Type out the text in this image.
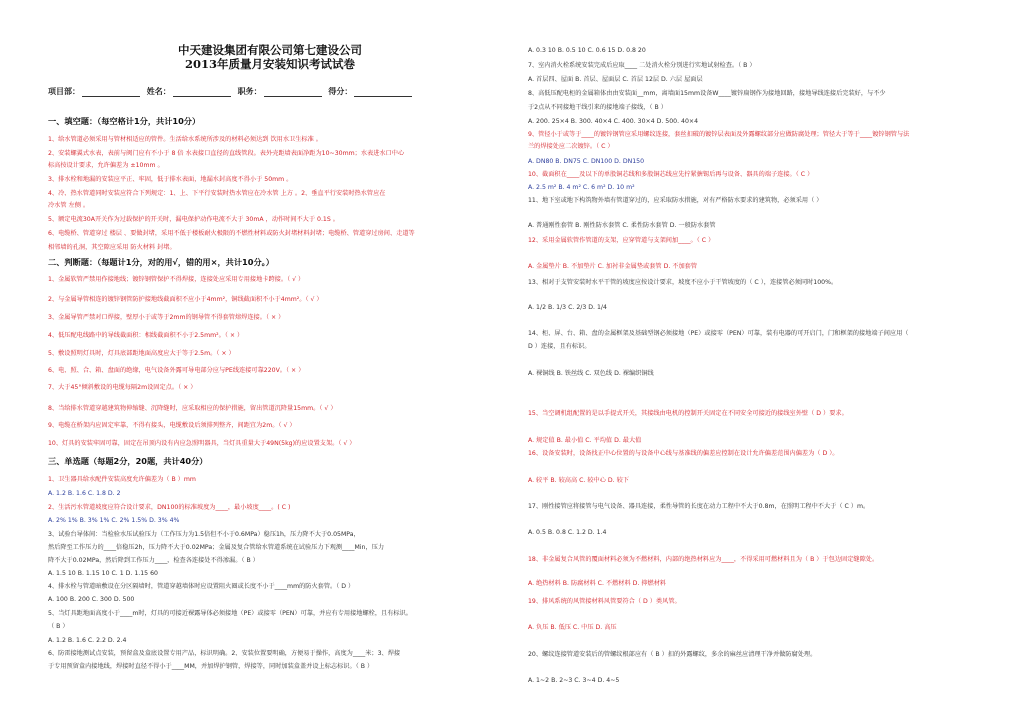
中天建设集团有限公司第七建设公司
2013年质量月安装知识考试试卷
项目部：	姓名：	职务：	得分：
一、填空题：（每空格计1分，共计10分）
1、给水管道必须采用与管材相适应的管件。生活给水系统所涉及的材料必须达到 饮用水卫生标准 。
2、安装螺翼式水表，表前与阀门应有不小于 8 倍 水表接口直径的直线管段。表外壳距墙表面净距为10~30mm；水表进水口中心
标高按设计要求，允许偏差为 ±10mm 。
3、排水栓和地漏的安装应平正、牢固，低于排水表面，地漏水封高度不得小于 50mm 。
4、冷、热水管道同时安装应符合下列规定：1、上、下平行安装时热水管应在冷水管 上方 。2、垂直平行安装时热水管应在
冷水管 左侧 。
5、额定电流30A开关作为过载保护的开关时，漏电保护动作电流不大于 30mA ，动作时间不大于 0.1S 。
6、电缆桥、管道穿过 楼层 、要做封堵，采用不低于楼板耐火极限的不燃性材料或防火封堵材料封堵；电缆桥、管道穿过房间、走道等
相邻墙的孔洞，其空隙应采用 防火材料 封堵。
二、判断题：（每题计1分，对的用√，错的用×，共计10分。）
1、金属软管严禁用作接地线；镀锌钢管保护不得焊接，连接处应采用专用接地卡跨接。（ √ ）
2、与金属导管相连的镀锌钢管防护接地线截面积不应小于4mm²，铜线截面积不小于4mm²。（ √ ）
3、金属导管严禁对口焊接，壁厚小于或等于2mm的钢导管不得套管熔焊连接。（ × ）
4、低压配电线路中的导线截面积：相线截面积不小于2.5mm²。（ × ）
5、敷设照明灯具时，灯具底部距地面高度应大于等于2.5m。（ × ）
6、电、照、合、箱、盘面的绝缘，电气设备外露可导电部分应与PE线连接可靠220V。（ × ）
7、大于45°倾斜敷设的电缆每隔2m设固定点。（ × ）
8、当给排水管道穿越建筑物伸缩缝、沉降缝时，应采取相应的保护措施，留出管道沉降量15mm。（ √ ）
9、电缆在桥架内应固定牢靠，不得有接头，电缆敷设后须排列整齐，间距宜为2m。（ √ ）
10、灯具的安装牢固可靠，固定在吊顶内设有内应急照明器具，当灯具重量大于49N(5kg)的应设置支架。（ √ ）
三、单选题（每题2分，20题，共计40分）
1、卫生器具给水配件安装高度允许偏差为（ B ）mm
A. 1.2 B. 1.6 C. 1.8 D. 2
2、生活污水管道坡度应符合设计要求，DN100的标准坡度为____，最小坡度____。( C )
A. 2% 1% B. 3% 1% C. 2% 1.5% D. 3% 4%
3、试验台导体间：当检验水压试验压力（工作压力为1.5倍但不小于0.6MPa）稳压1h，压力降不大于0.05MPa，
然后降至工作压力的____倍稳压2h，压力降不大于0.02MPa；金属及复合管给水管道系统在试验压力下观测____Min，压力
降不大于0.02MPa，然后降到工作压力____，检查各连接处不得渗漏。（ B ）
A. 1.5 10 B. 1.15 10 C. 1 D. 1.15 60
4、排水栓与管道暗敷设在分区隔墙时，管道穿越墙体时应设置阻火圈或长度不小于____mm的防火套管。（ D ）
A. 100 B. 200 C. 300 D. 500
5、当灯具距地面高度小于____m时，灯具的可接近裸露导体必须接地（PE）或接零（PEN）可靠，并应有专用接地螺栓，且有标识。
（ B ）
A. 1.2 B. 1.6 C. 2.2 D. 2.4
6、防雷接地测试点安装，预留盒及盒底设置专用产品，标识明确。2、安装位置要明确，方便易于操作，高度为____米；3、焊接
于专用预留盒内接地线，焊接时直径不得小于____MM，并加焊护钢管，焊接等，同时加装盒盖并设上标志标识。（ B ）
A. 0.3 10 B. 0.5 10 C. 0.6 15 D. 0.8 20
7、室内消火栓系统安装完成后应取____ 二处消火栓分别进行实地试射检查。（ B ）
A. 首层四、屋面 B. 首层、屋面层 C. 首层 12层 D. 六层 屋面层
8、高低压配电柜的金属箱体由由安装面__mm，离墙面15mm设备W____镀锌扁钢作为接地回路，接地导线连接后完装好，与不少
于2点从不同接地干线引来的接地端子接线，（ B ）
A. 200. 25×4 B. 300. 40×4 C. 400. 30×4 D. 500. 40×4
9、管径小于或等于____的镀锌钢管应采用螺纹连接，套丝扣破的镀锌层表面及外露螺纹部分应做防腐处理；管径大于等于____镀锌钢管与法
兰的焊接处应二次镀锌。（ C ）
A. DN80 B. DN75 C. DN100 D. DN150
10、截面积在____及以下的单股铜芯线和多股铜芯线应先拧紧搪锡后再与设备、器具的端子连接。（ C ）
A. 2.5 m² B. 4 m² C. 6 m² D. 10 m²
11、地下室或地下构筑物外墙有管道穿过的，应采取防水措施，对有严格防水要求的建筑物，必须采用（ ）
A. 普通刚性套管 B. 刚性防水套管 C. 柔性防水套管 D. 一般防水套管
12、采用金属软管作管道的支架，应穿管道与支架间加____。（ C ）
A. 金属垫片 B. 不加垫片 C. 加衬非金属垫或套管 D. 不加套管
13、相对于支管安装时水平干管的坡度应按设计要求，坡度不应小于干管坡度的（ C ），连接管必须同时100%。
A. 1/2 B. 1/3 C. 2/3 D. 1/4
14、柜、屏、台、箱、盘的金属框架及基础型钢必须接地（PE）或接零（PEN）可靠，装有电器的可开启门，门和框架的接地端子间应用（
D ）连接，且有标识。
A. 裸铜线 B. 铁丝线 C. 双色线 D. 裸编织铜线
15、当空调机组配置的是以手提式开关，其接线由电机的控制开关固定在不同安全可接近的接线室外壁（ D ）要求。
A. 规定值 B. 最小值 C. 平均值 D. 最大值
16、设备安装时，设备找正中心位置的与设备中心线与基准线的偏差应控制在设计允许偏差范围内偏差为（ D ）。
A. 较平 B. 较高高 C. 较中心 D. 较下
17、刚性接管应将接管与电气设备、器具连接，柔性导管的长度在动力工程中不大于0.8m，在照明工程中不大于（ C ）m。
A. 0.5 B. 0.8 C. 1.2 D. 1.4
18、非金属复合风管的覆面材料必须为不燃材料，内部的绝热材料应为____，不得采用可燃材料且为（ B ）于包边固定缝隙处。
A. 绝热材料 B. 防腐材料 C. 不燃材料 D. 抑燃材料
19、排风系统的风管接材料风管要符合（ D ）类风管。
A. 负压 B. 低压 C. 中压 D. 高压
20、螺纹连接管道安装后的管螺纹根部应有（ B ）扣的外露螺纹，多余的麻丝应清理干净并做防腐处理。
A. 1~2 B. 2~3 C. 3~4 D. 4~5
